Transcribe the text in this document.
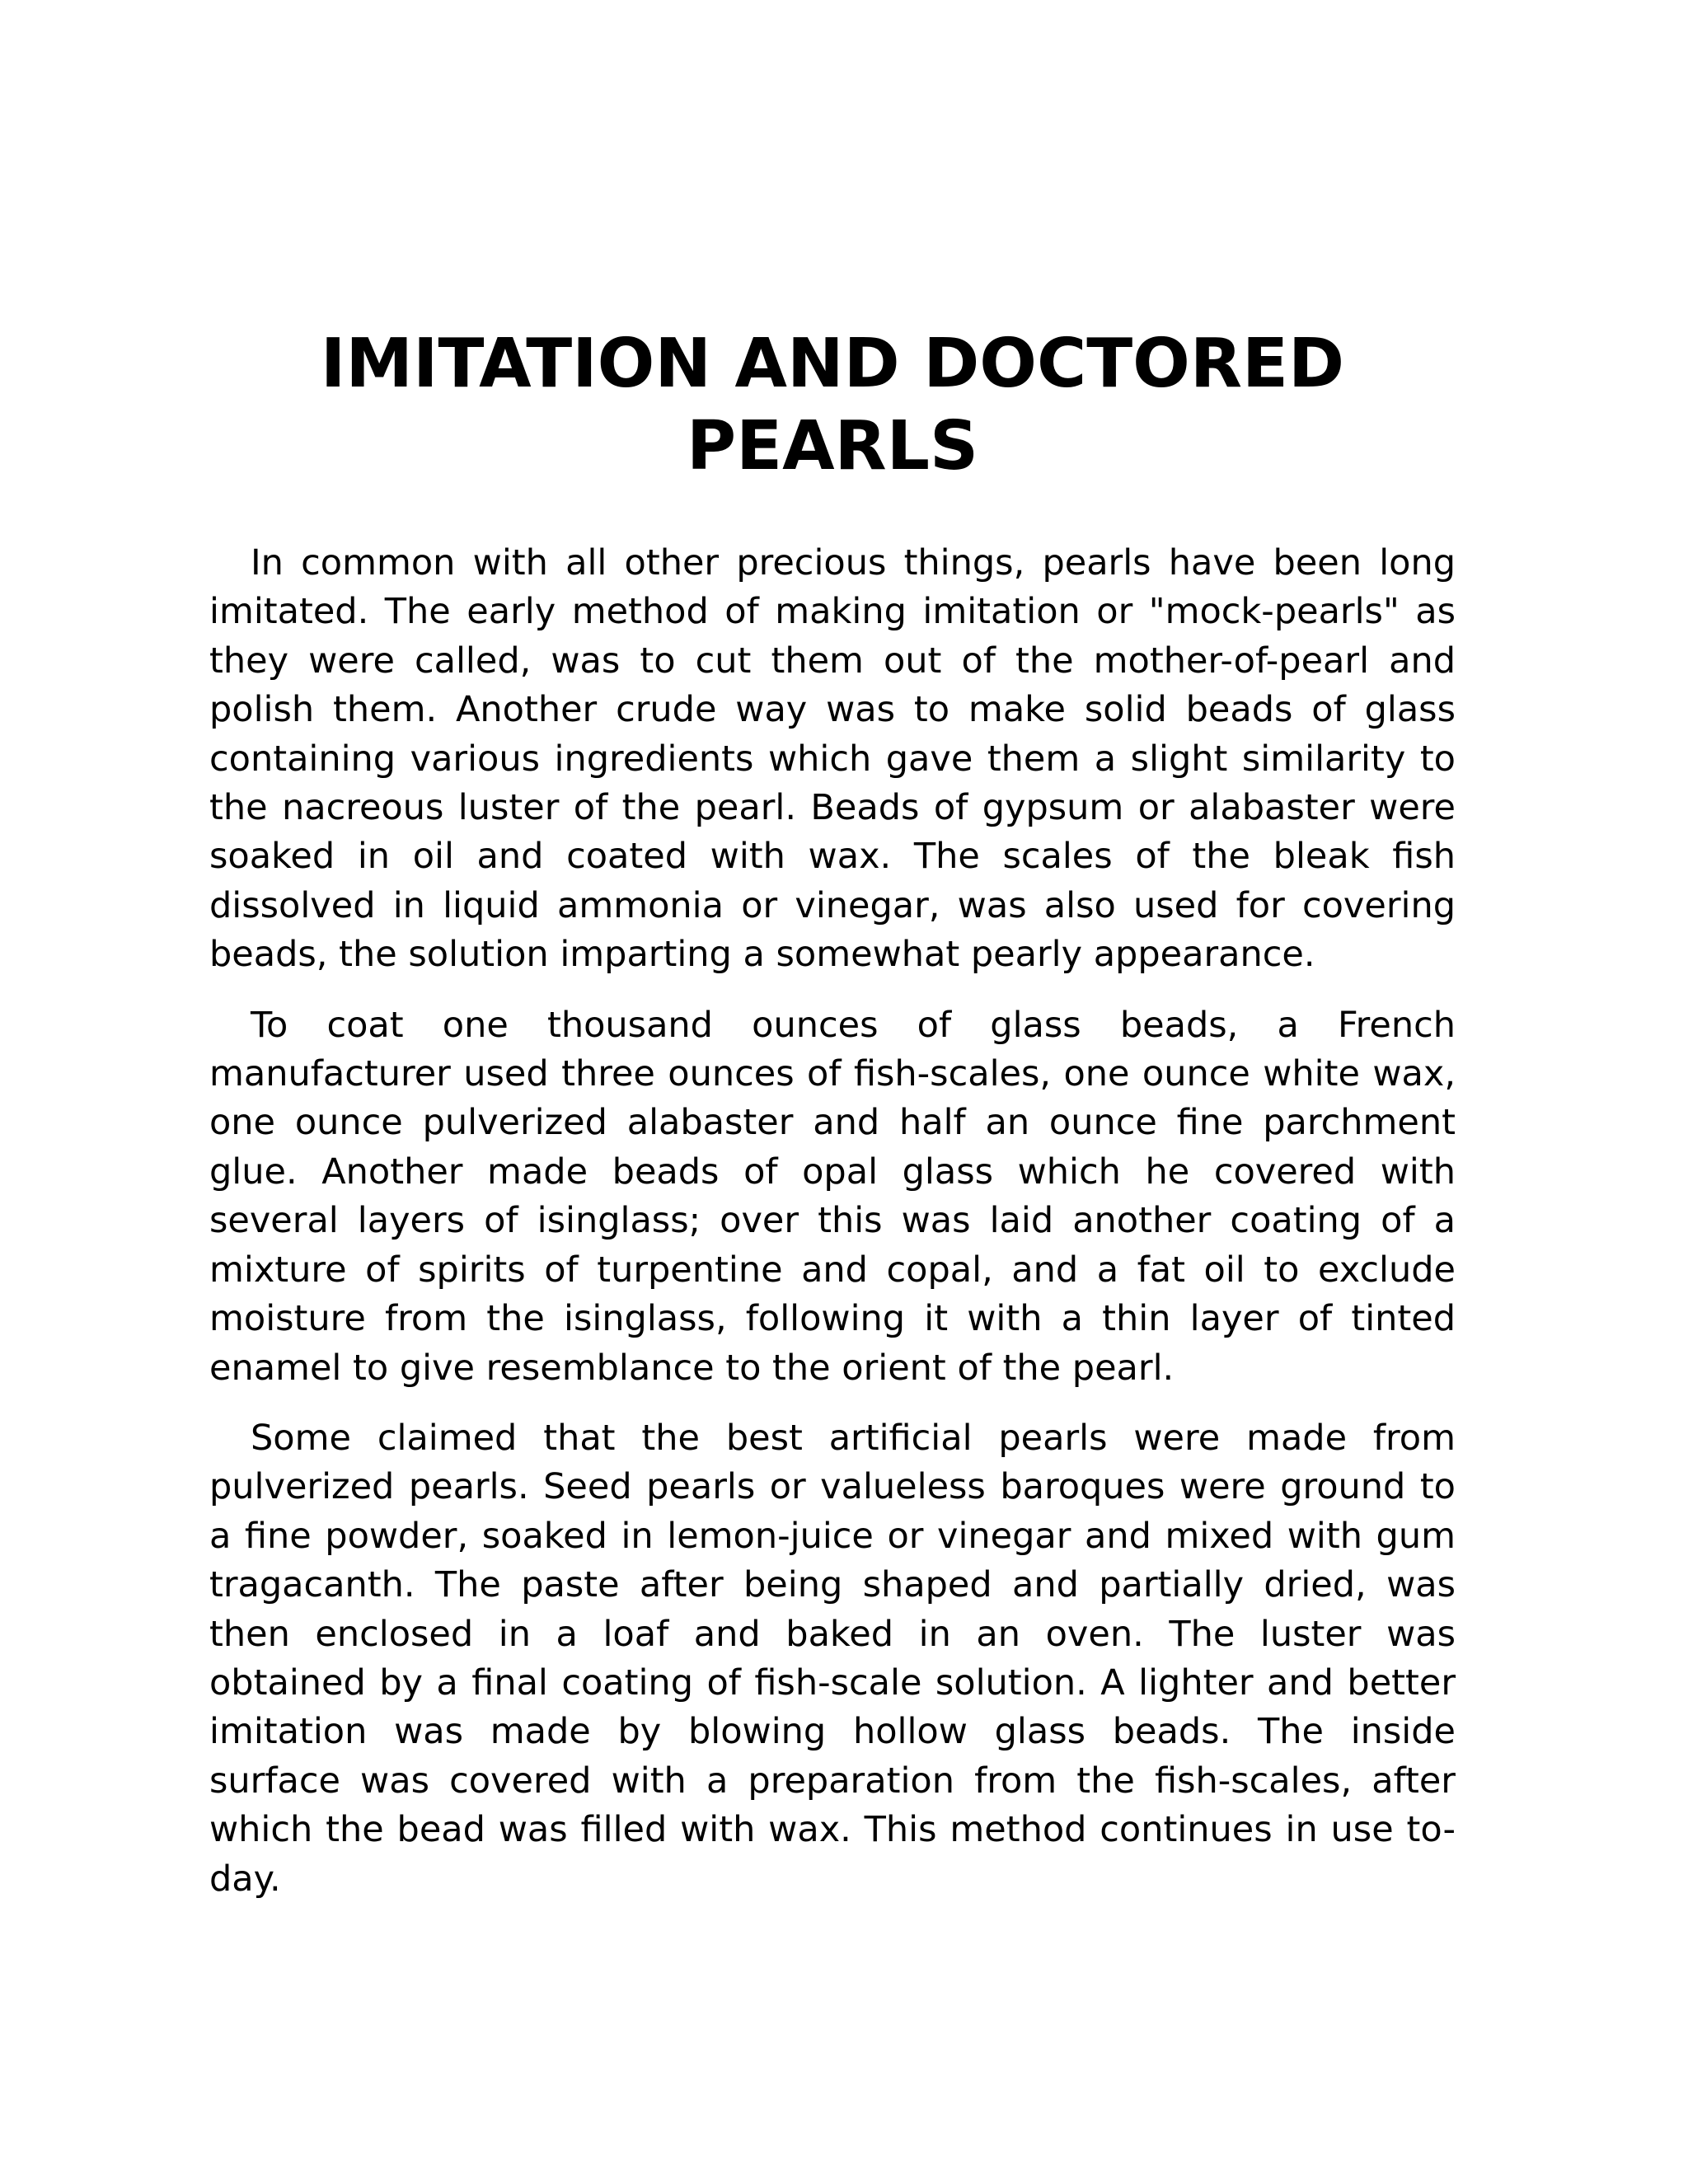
IMITATION AND DOCTORED
PEARLS

In common with all other precious things, pearls have been long imitated. The early method of making imitation or "mock-pearls" as they were called, was to cut them out of the mother-of-pearl and polish them. Another crude way was to make solid beads of glass containing various ingredients which gave them a slight similarity to the nacreous luster of the pearl. Beads of gypsum or alabaster were soaked in oil and coated with wax. The scales of the bleak fish dissolved in liquid ammonia or vinegar, was also used for covering beads, the solution imparting a somewhat pearly appearance.

To coat one thousand ounces of glass beads, a French manufacturer used three ounces of fish-scales, one ounce white wax, one ounce pulverized alabaster and half an ounce fine parchment glue. Another made beads of opal glass which he covered with several layers of isinglass; over this was laid another coating of a mixture of spirits of turpentine and copal, and a fat oil to exclude moisture from the isinglass, following it with a thin layer of tinted enamel to give resemblance to the orient of the pearl.

Some claimed that the best artificial pearls were made from pulverized pearls. Seed pearls or valueless baroques were ground to a fine powder, soaked in lemon-juice or vinegar and mixed with gum tragacanth. The paste after being shaped and partially dried, was then enclosed in a loaf and baked in an oven. The luster was obtained by a final coating of fish-scale solution. A lighter and better imitation was made by blowing hollow glass beads. The inside surface was covered with a preparation from the fish-scales, after which the bead was filled with wax. This method continues in use to-day.
